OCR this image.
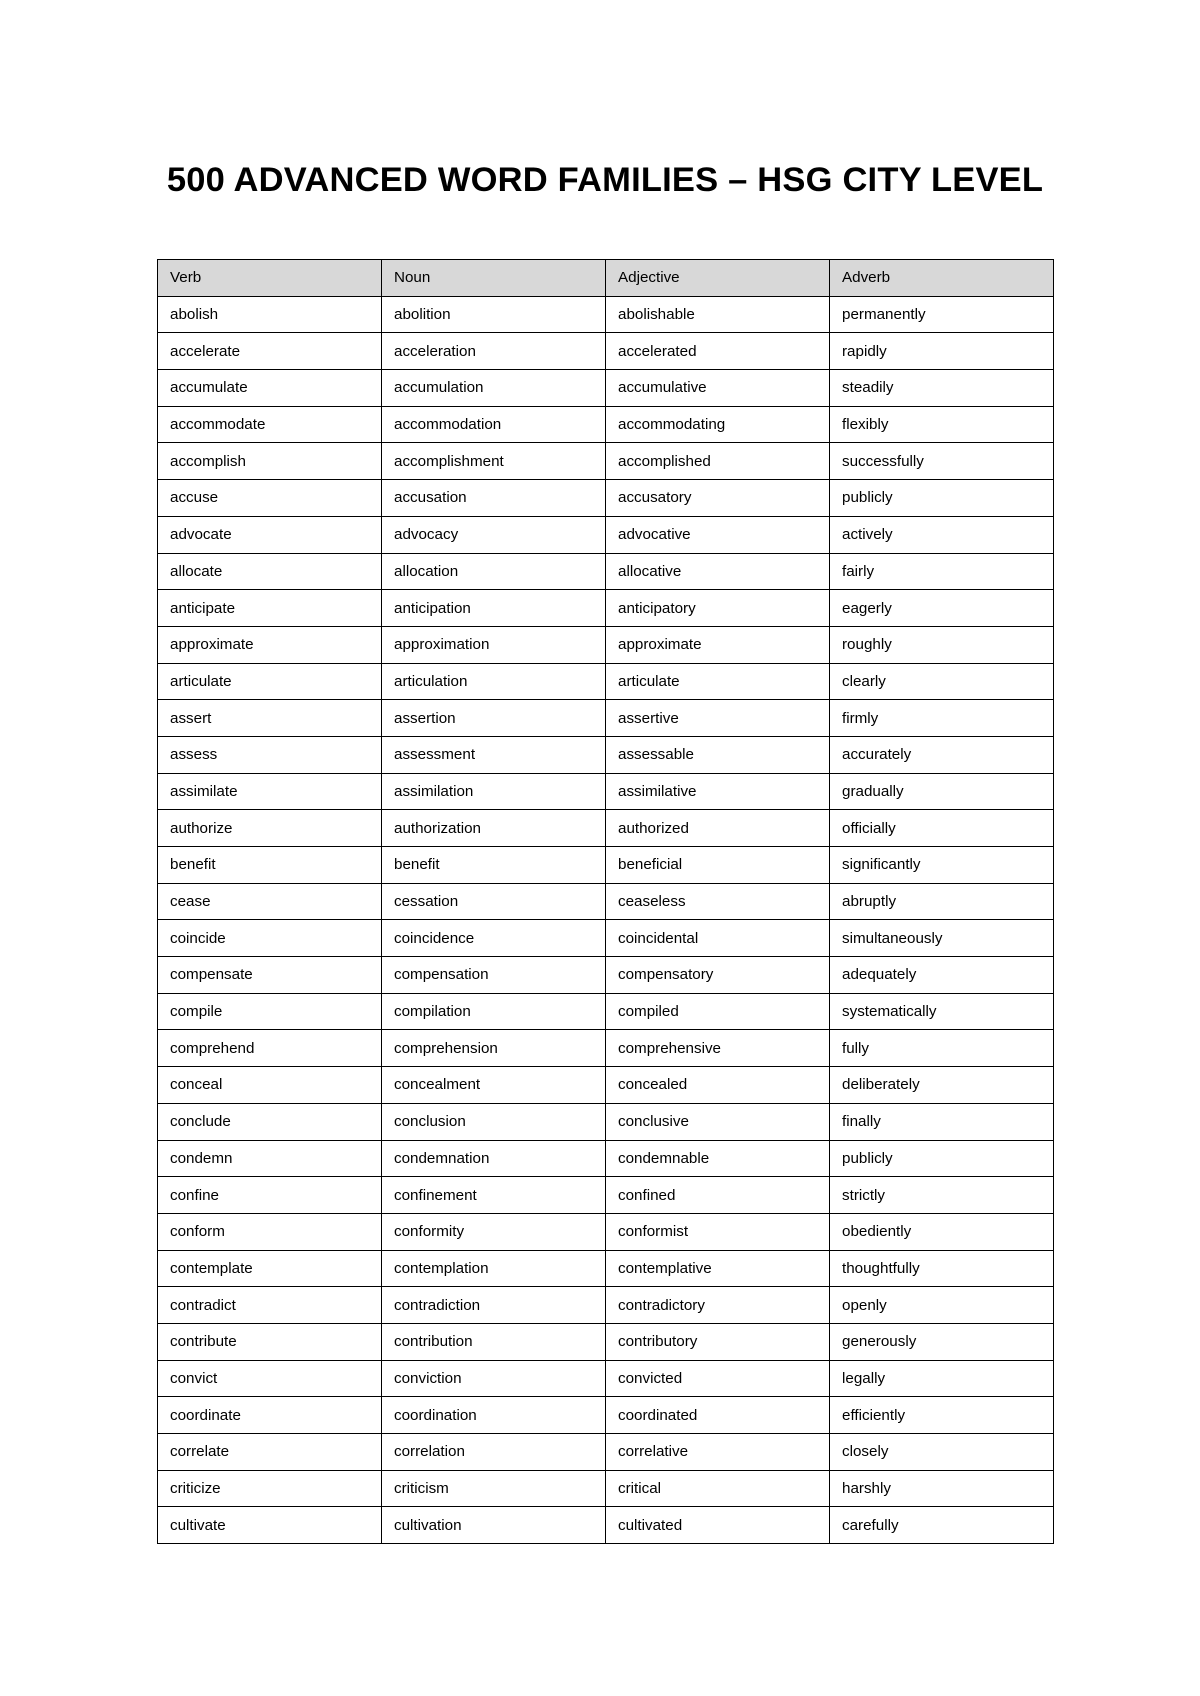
500 ADVANCED WORD FAMILIES – HSG CITY LEVEL
Verb	Noun	Adjective	Adverb
abolish	abolition	abolishable	permanently
accelerate	acceleration	accelerated	rapidly
accumulate	accumulation	accumulative	steadily
accommodate	accommodation	accommodating	flexibly
accomplish	accomplishment	accomplished	successfully
accuse	accusation	accusatory	publicly
advocate	advocacy	advocative	actively
allocate	allocation	allocative	fairly
anticipate	anticipation	anticipatory	eagerly
approximate	approximation	approximate	roughly
articulate	articulation	articulate	clearly
assert	assertion	assertive	firmly
assess	assessment	assessable	accurately
assimilate	assimilation	assimilative	gradually
authorize	authorization	authorized	officially
benefit	benefit	beneficial	significantly
cease	cessation	ceaseless	abruptly
coincide	coincidence	coincidental	simultaneously
compensate	compensation	compensatory	adequately
compile	compilation	compiled	systematically
comprehend	comprehension	comprehensive	fully
conceal	concealment	concealed	deliberately
conclude	conclusion	conclusive	finally
condemn	condemnation	condemnable	publicly
confine	confinement	confined	strictly
conform	conformity	conformist	obediently
contemplate	contemplation	contemplative	thoughtfully
contradict	contradiction	contradictory	openly
contribute	contribution	contributory	generously
convict	conviction	convicted	legally
coordinate	coordination	coordinated	efficiently
correlate	correlation	correlative	closely
criticize	criticism	critical	harshly
cultivate	cultivation	cultivated	carefully
